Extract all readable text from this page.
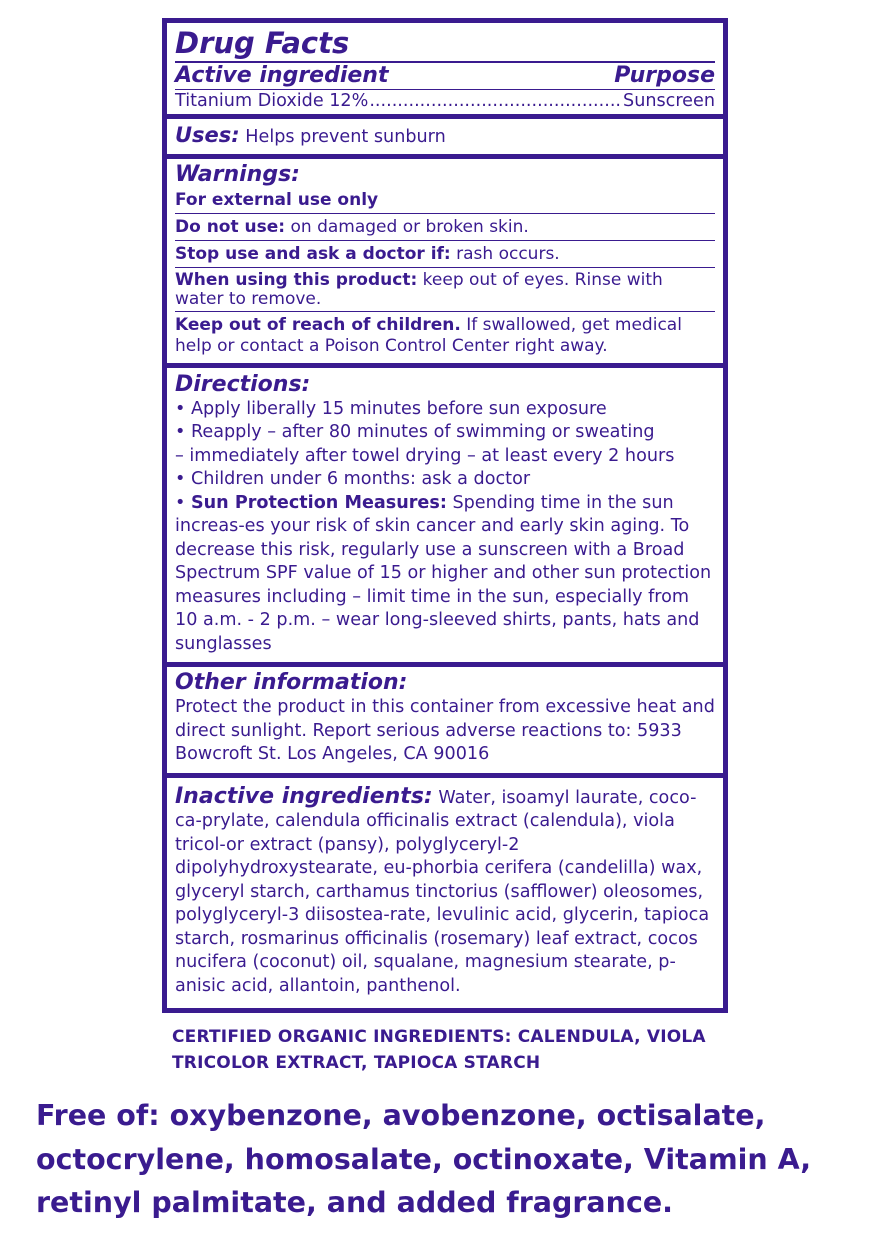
Drug Facts
Active ingredient	Purpose
Titanium Dioxide 12%
.....	Sunscreen
Uses: Helps prevent sunburn
Warnings:
For external use only
Do not use: on damaged or broken skin.
Stop use and ask a doctor if: rash occurs.
When using this product: keep out of eyes. Rinse with water to remove.
Keep out of reach of children. If swallowed, get medical help or contact a Poison Control Center right away.
Directions:
• Apply liberally 15 minutes before sun exposure
• Reapply – after 80 minutes of swimming or sweating
– immediately after towel drying – at least every 2 hours
• Children under 6 months: ask a doctor
• Sun Protection Measures: Spending time in the sun increas-es your risk of skin cancer and early skin aging. To decrease this risk, regularly use a sunscreen with a Broad Spectrum SPF value of 15 or higher and other sun protection measures including – limit time in the sun, especially from 10 a.m. - 2 p.m. – wear long-sleeved shirts, pants, hats and sunglasses
Other information:
Protect the product in this container from excessive heat and direct sunlight. Report serious adverse reactions to: 5933 Bowcroft St. Los Angeles, CA 90016
Inactive ingredients: Water, isoamyl laurate, coco-ca-prylate, calendula officinalis extract (calendula), viola tricol-or extract (pansy), polyglyceryl-2 dipolyhydroxystearate, eu-phorbia cerifera (candelilla) wax, glyceryl starch, carthamus tinctorius (safflower) oleosomes, polyglyceryl-3 diisostea-rate, levulinic acid, glycerin, tapioca starch, rosmarinus officinalis (rosemary) leaf extract, cocos nucifera (coconut) oil, squalane, magnesium stearate, p-anisic acid, allantoin, panthenol.
CERTIFIED ORGANIC INGREDIENTS: CALENDULA, VIOLA TRICOLOR EXTRACT, TAPIOCA STARCH
Free of: oxybenzone, avobenzone, octisalate, octocrylene, homosalate, octinoxate, Vitamin A, retinyl palmitate, and added fragrance.
